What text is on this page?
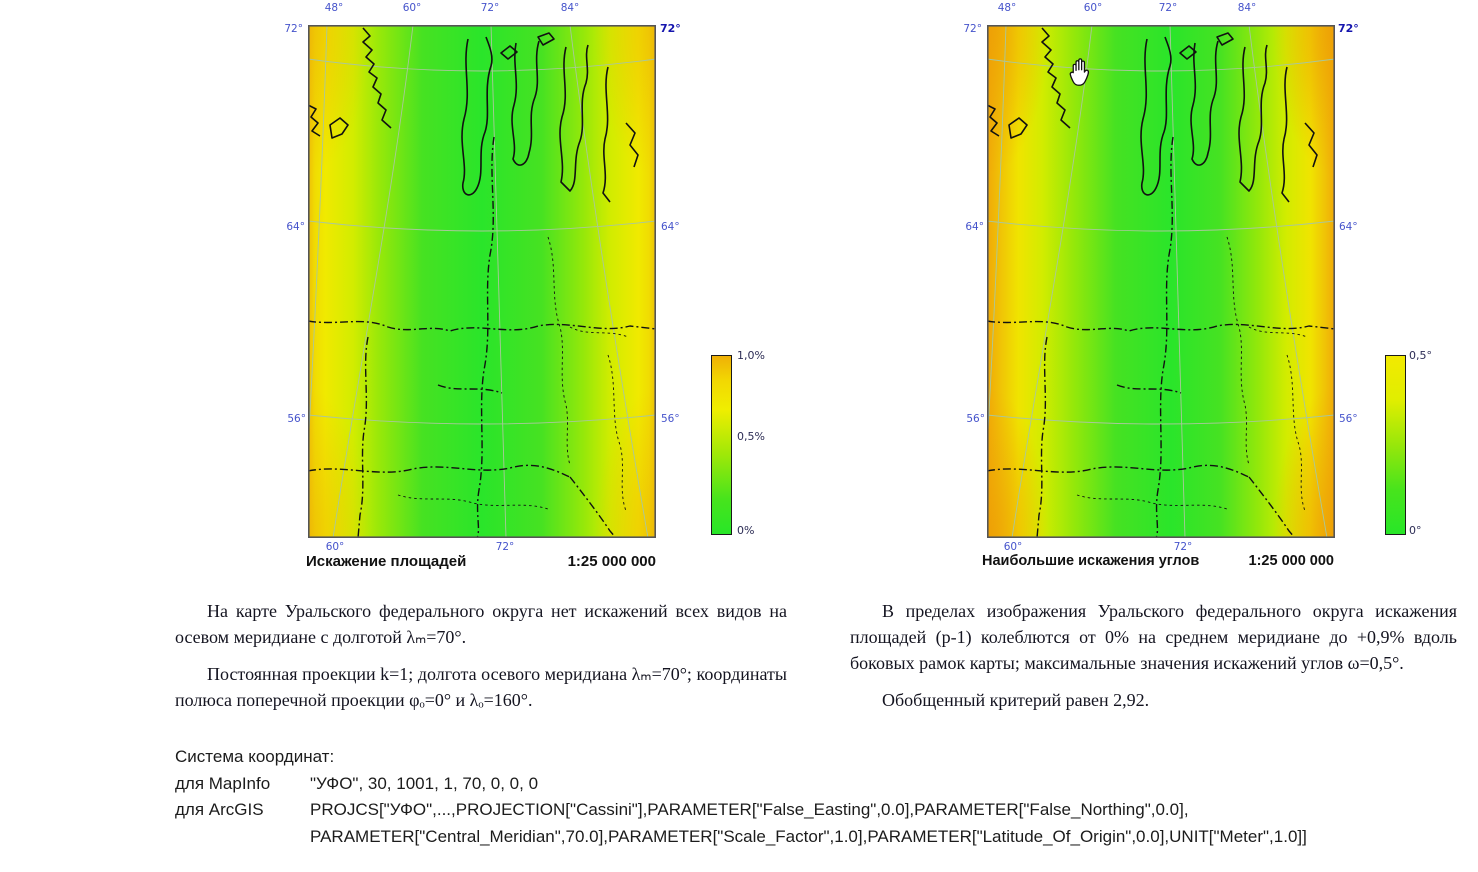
48°	60°	72°	84°
72°
64°
56°
72°
64°
56°
60°	72°
1,0%
0,5%
0%
Искажение площадей	1:25 000 000
48°	60°	72°	84°
72°
64°
56°
72°
64°
56°
60°	72°
0,5°
0°
Наибольшие искажения углов	1:25 000 000

На карте Уральского федерального округа нет искажений всех видов на осевом меридиане с долготой λₘ=70°.

Постоянная проекции k=1; долгота осевого меридиана λₘ=70°; координаты полюса поперечной проекции φₒ=0° и λₒ=160°.

В пределах изображения Уральского федерального округа искажения площадей (p-1) колеблются от 0% на среднем меридиане до +0,9% вдоль боковых рамок карты; максимальные значения искажений углов ω=0,5°.

Обобщенный критерий равен 2,92.

Система координат:
для MapInfo	"УФО", 30, 1001, 1, 70, 0, 0, 0
для ArcGIS	PROJCS["УФО",...,PROJECTION["Cassini"],PARAMETER["False_Easting",0.0],PARAMETER["False_Northing",0.0],
PARAMETER["Central_Meridian",70.0],PARAMETER["Scale_Factor",1.0],PARAMETER["Latitude_Of_Origin",0.0],UNIT["Meter",1.0]]
